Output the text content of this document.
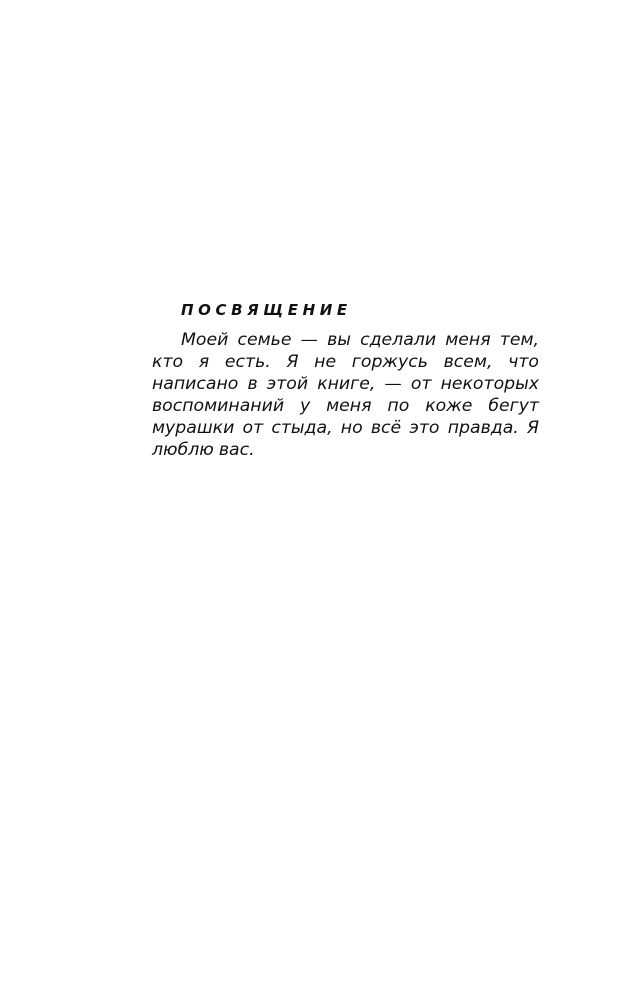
ПОСВЯЩЕНИЕ

Моей семье — вы сделали меня тем, кто я есть. Я не горжусь всем, что написано в этой книге, — от некоторых воспоминаний у меня по коже бегут мурашки от стыда, но всё это правда. Я люблю вас.
